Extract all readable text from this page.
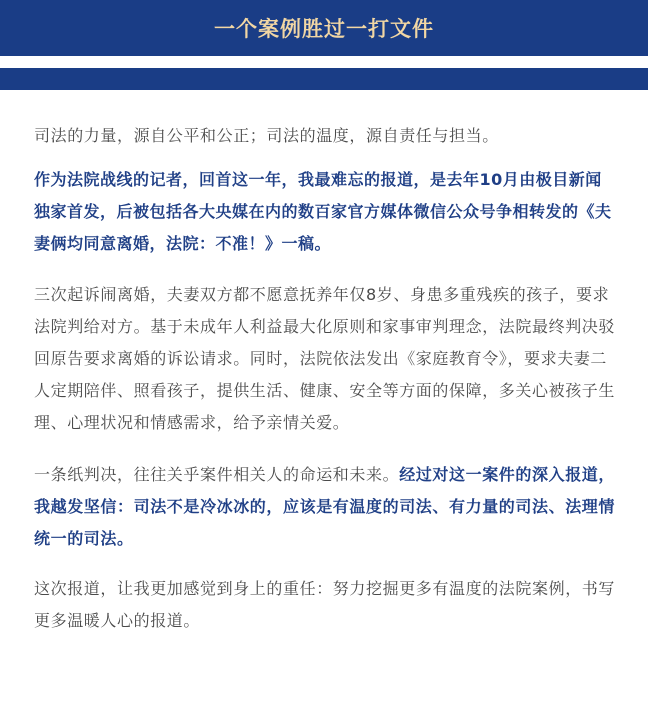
一个案例胜过一打文件

司法的力量，源自公平和公正；司法的温度，源自责任与担当。

作为法院战线的记者，回首这一年，我最难忘的报道，是去年10月由极目新闻独家首发，后被包括各大央媒在内的数百家官方媒体微信公众号争相转发的《夫妻俩均同意离婚，法院：不准！》一稿。

三次起诉闹离婚，夫妻双方都不愿意抚养年仅8岁、身患多重残疾的孩子，要求法院判给对方。基于未成年人利益最大化原则和家事审判理念，法院最终判决驳回原告要求离婚的诉讼请求。同时，法院依法发出《家庭教育令》，要求夫妻二人定期陪伴、照看孩子，提供生活、健康、安全等方面的保障，多关心被孩子生理、心理状况和情感需求，给予亲情关爱。

一条纸判决，往往关乎案件相关人的命运和未来。经过对这一案件的深入报道，我越发坚信：司法不是冷冰冰的，应该是有温度的司法、有力量的司法、法理情统一的司法。

这次报道，让我更加感觉到身上的重任：努力挖掘更多有温度的法院案例，书写更多温暖人心的报道。
